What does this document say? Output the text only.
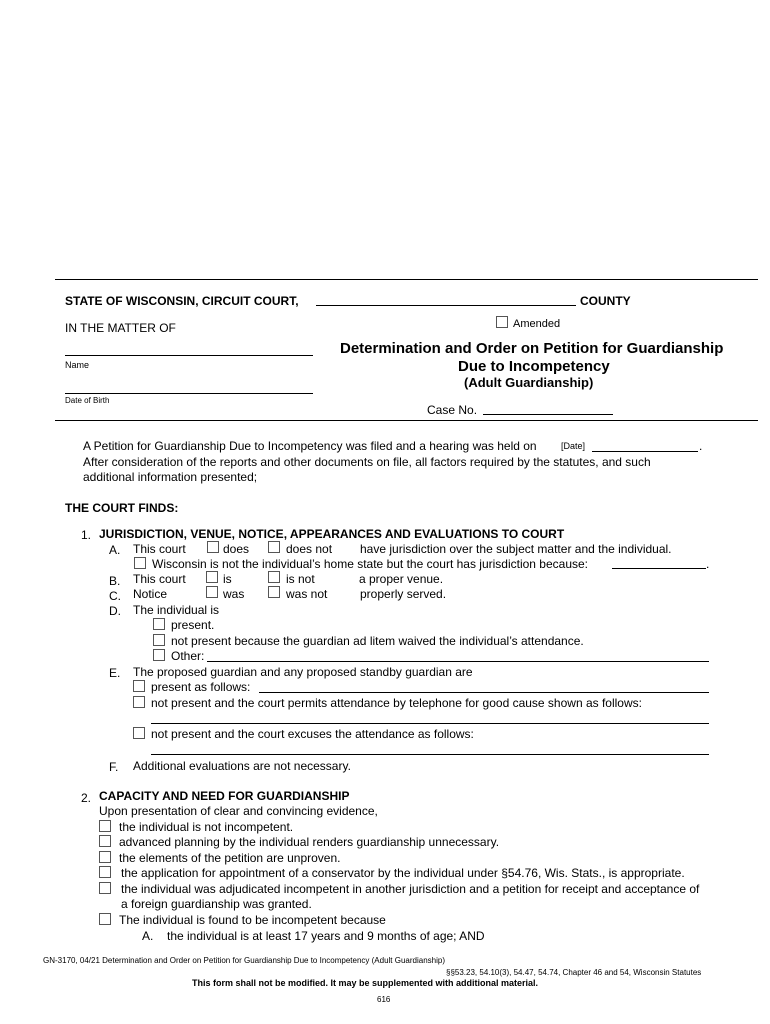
STATE OF WISCONSIN, CIRCUIT COURT,	COUNTY
IN THE MATTER OF	Amended
Name
Date of Birth
Determination and Order on Petition for Guardianship
Due to Incompetency
(Adult Guardianship)
Case No.
A Petition for Guardianship Due to Incompetency was filed and a hearing was held on	[Date]	.
After consideration of the reports and other documents on file, all factors required by the statutes, and such
additional information presented;
THE COURT FINDS:
1. JURISDICTION, VENUE, NOTICE, APPEARANCES AND EVALUATIONS TO COURT
A. This court	does	does not have jurisdiction over the subject matter and the individual.
Wisconsin is not the individual’s home state but the court has jurisdiction because:	.
B. This court	is	is not	a proper venue.
C. Notice	was	was not	properly served.
D. The individual is
present.
not present because the guardian ad litem waived the individual’s attendance.
Other:
E. The proposed guardian and any proposed standby guardian are
present as follows:
not present and the court permits attendance by telephone for good cause shown as follows:
not present and the court excuses the attendance as follows:
F. Additional evaluations are not necessary.
2. CAPACITY AND NEED FOR GUARDIANSHIP
Upon presentation of clear and convincing evidence,
the individual is not incompetent.
advanced planning by the individual renders guardianship unnecessary.
the elements of the petition are unproven.
the application for appointment of a conservator by the individual under §54.76, Wis. Stats., is appropriate.
the individual was adjudicated incompetent in another jurisdiction and a petition for receipt and acceptance of
a foreign guardianship was granted.
The individual is found to be incompetent because
A. the individual is at least 17 years and 9 months of age; AND
GN-3170, 04/21 Determination and Order on Petition for Guardianship Due to Incompetency (Adult Guardianship)
§§53.23, 54.10(3), 54.47, 54.74, Chapter 46 and 54, Wisconsin Statutes
This form shall not be modified. It may be supplemented with additional material.
616
